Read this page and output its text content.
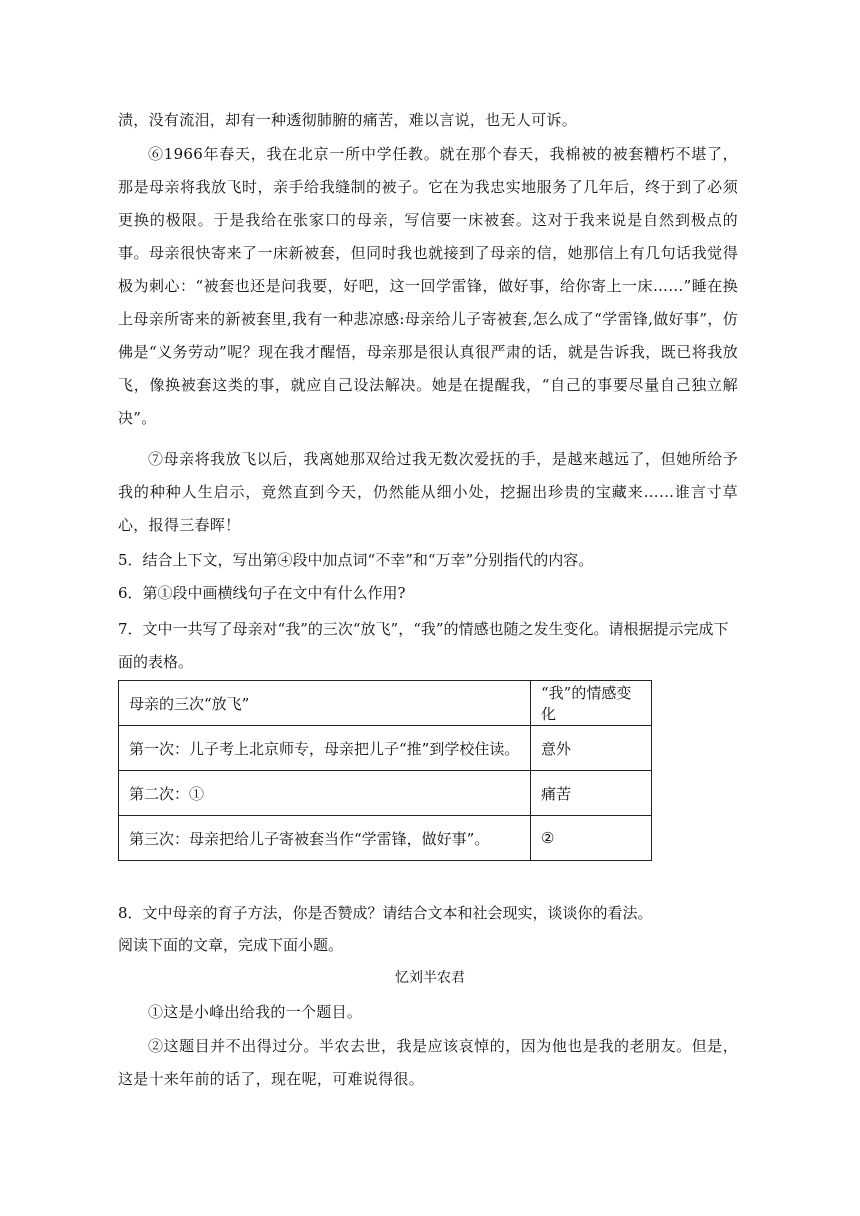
渍，没有流泪，却有一种透彻肺腑的痛苦，难以言说，也无人可诉。
⑥1966年春天，我在北京一所中学任教。就在那个春天，我棉被的被套糟朽不堪了，那是母亲将我放飞时，亲手给我缝制的被子。它在为我忠实地服务了几年后，终于到了必须更换的极限。于是我给在张家口的母亲，写信要一床被套。这对于我来说是自然到极点的事。母亲很快寄来了一床新被套，但同时我也就接到了母亲的信，她那信上有几句话我觉得极为刺心：“被套也还是问我要，好吧，这一回学雷锋，做好事，给你寄上一床……”睡在换上母亲所寄来的新被套里,我有一种悲凉感:母亲给儿子寄被套,怎么成了“学雷锋,做好事”，仿佛是“义务劳动”呢？现在我才醒悟，母亲那是很认真很严肃的话，就是告诉我，既已将我放飞，像换被套这类的事，就应自己设法解决。她是在提醒我，“自己的事要尽量自己独立解决”。
⑦母亲将我放飞以后，我离她那双给过我无数次爱抚的手，是越来越远了，但她所给予我的种种人生启示，竟然直到今天，仍然能从细小处，挖掘出珍贵的宝藏来……谁言寸草心，报得三春晖！
5．结合上下文，写出第④段中加点词“不幸”和“万幸”分别指代的内容。
6．第①段中画横线句子在文中有什么作用?
7．文中一共写了母亲对“我”的三次“放飞”，“我”的情感也随之发生变化。请根据提示完成下面的表格。
母亲的三次“放飞”	“我”的情感变化
第一次：儿子考上北京师专，母亲把儿子“推”到学校住读。	意外
第二次：①	痛苦
第三次：母亲把给儿子寄被套当作“学雷锋，做好事”。	②
8．文中母亲的育子方法，你是否赞成？请结合文本和社会现实，谈谈你的看法。
阅读下面的文章，完成下面小题。
忆刘半农君
①这是小峰出给我的一个题目。
②这题目并不出得过分。半农去世，我是应该哀悼的，因为他也是我的老朋友。但是，这是十来年前的话了，现在呢，可难说得很。
